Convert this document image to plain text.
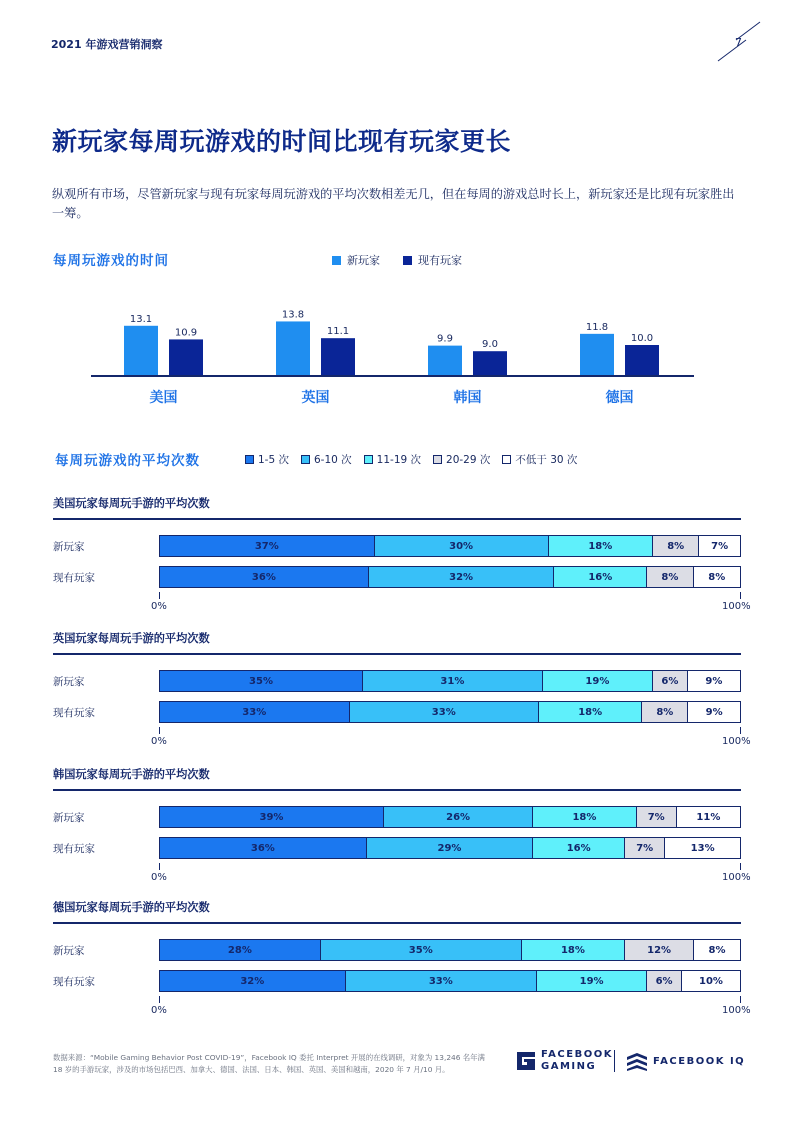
2021 年游戏营销洞察	7
新玩家每周玩游戏的时间比现有玩家更长
纵观所有市场，尽管新玩家与现有玩家每周玩游戏的平均次数相差无几，但在每周的游戏总时长上，新玩家还是比现有玩家胜出一筹。
每周玩游戏的时间	新玩家	现有玩家
13.1
10.9
美国
13.8
11.1
英国
9.9
9.0
韩国
11.8
10.0
德国
每周玩游戏的平均次数	1-5 次 6-10 次 11-19 次 20-29 次 不低于 30 次
美国玩家每周玩手游的平均次数
新玩家	37%	30%	18%	8%	7%
现有玩家	36%	32%	16%	8%	8%
0%	100%
英国玩家每周玩手游的平均次数
新玩家	35%	31%	19%	6%	9%
现有玩家	33%	33%	18%	8%	9%
0%	100%
韩国玩家每周玩手游的平均次数
新玩家	39%	26%	18%	7%	11%
现有玩家	36%	29%	16%	7%	13%
0%	100%
德国玩家每周玩手游的平均次数
新玩家	28%	35%	18%	12%	8%
现有玩家	32%	33%	19%	6%	10%
0%	100%
数据来源：“Mobile Gaming Behavior Post COVID-19”，Facebook IQ 委托 Interpret 开展的在线调研，对象为 13,246 名年满 18 岁的手游玩家，涉及的市场包括巴西、加拿大、德国、法国、日本、韩国、英国、美国和越南，2020 年 7 月/10 月。
FACEBOOK
GAMING	FACEBOOK IQ
